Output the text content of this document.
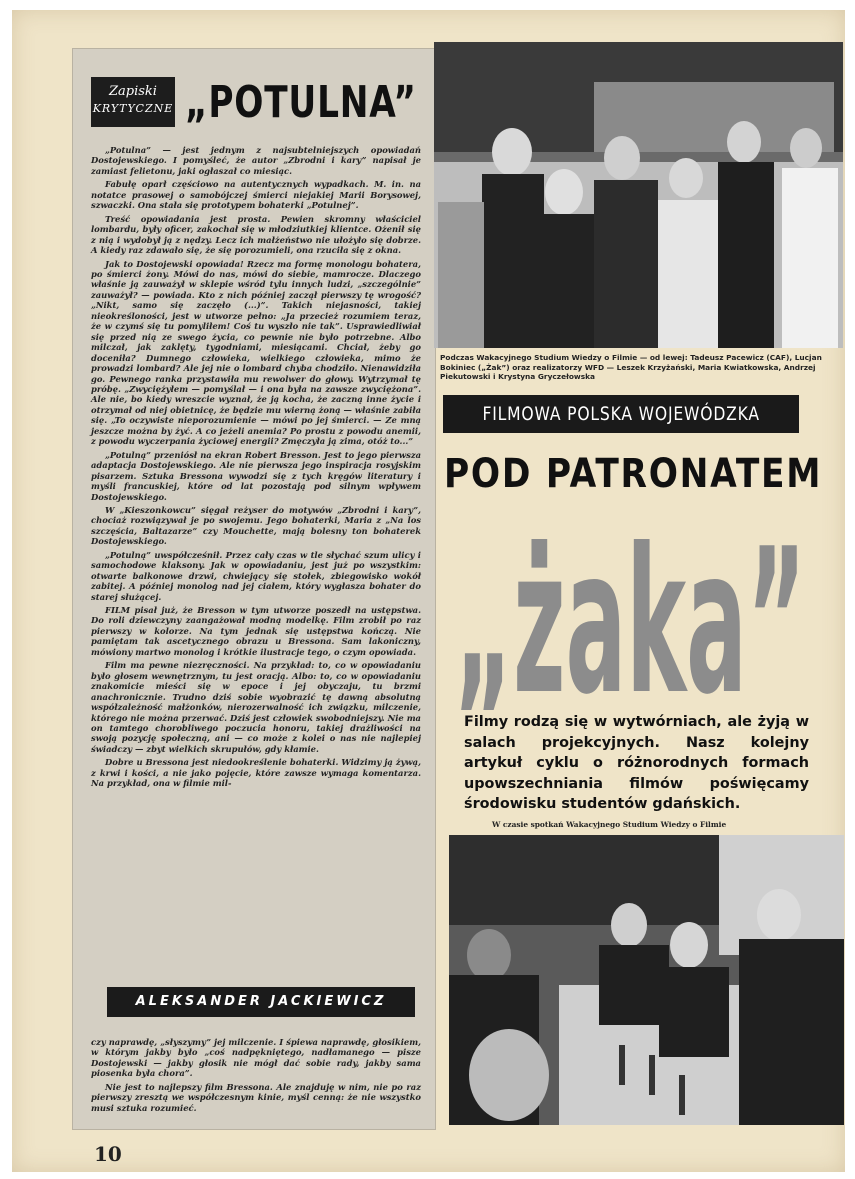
Zapiski
KRYTYCZNE „POTULNA”

„Potulna” — jest jednym z najsubtelniejszych opowiadań Dostojewskiego. I pomyśleć, że autor „Zbrodni i kary” napisał je zamiast felietonu, jaki ogłaszał co miesiąc.

Fabułę oparł częściowo na autentycznych wypadkach. M. in. na notatce prasowej o samobójczej śmierci niejakiej Marii Borysowej, szwaczki. Ona stała się prototypem bohaterki „Potulnej”.

Treść opowiadania jest prosta. Pewien skromny właściciel lombardu, były oficer, zakochał się w młodziutkiej klientce. Ożenił się z nią i wydobył ją z nędzy. Lecz ich małżeństwo nie ułożyło się dobrze. A kiedy raz zdawało się, że się porozumieli, ona rzuciła się z okna.

Jak to Dostojewski opowiada! Rzecz ma formę monologu bohatera, po śmierci żony. Mówi do nas, mówi do siebie, mamrocze. Dlaczego właśnie ją zauważył w sklepie wśród tylu innych ludzi, „szczególnie” zauważył? — powiada. Kto z nich później zaczął pierwszy tę wrogość? „Nikt, samo się zaczęło (...)”. Takich niejasności, takiej nieokreśloności, jest w utworze pełno: „Ja przecież rozumiem teraz, że w czymś się tu pomyliłem! Coś tu wyszło nie tak”. Usprawiedliwiał się przed nią ze swego życia, co pewnie nie było potrzebne. Albo milczał, jak zaklęty, tygodniami, miesiącami. Chciał, żeby go doceniła? Dumnego człowieka, wielkiego człowieka, mimo że prowadzi lombard? Ale jej nie o lombard chyba chodziło. Nienawidziła go. Pewnego ranka przystawiła mu rewolwer do głowy. Wytrzymał tę próbę. „Zwyciężyłem — pomyślał — i ona była na zawsze zwyciężona”. Ale nie, bo kiedy wreszcie wyznał, że ją kocha, że zaczną inne życie i otrzymał od niej obietnicę, że będzie mu wierną żoną — właśnie zabiła się. „To oczywiste nieporozumienie — mówi po jej śmierci. — Ze mną jeszcze można by żyć. A co jeżeli anemia? Po prostu z powodu anemii, z powodu wyczerpania życiowej energii? Zmęczyła ją zima, otóż to...”

„Potulną” przeniósł na ekran Robert Bresson. Jest to jego pierwsza adaptacja Dostojewskiego. Ale nie pierwsza jego inspiracja rosyjskim pisarzem. Sztuka Bressona wywodzi się z tych kręgów literatury i myśli francuskiej, które od lat pozostają pod silnym wpływem Dostojewskiego.

W „Kieszonkowcu” sięgał reżyser do motywów „Zbrodni i kary”, chociaż rozwiązywał je po swojemu. Jego bohaterki, Maria z „Na los szczęścia, Baltazarze” czy Mouchette, mają bolesny ton bohaterek Dostojewskiego.

„Potulną” uwspółcześnił. Przez cały czas w tle słychać szum ulicy i samochodowe klaksony. Jak w opowiadaniu, jest już po wszystkim: otwarte balkonowe drzwi, chwiejący się stołek, zbiegowisko wokół zabitej. A później monolog nad jej ciałem, który wygłasza bohater do starej służącej.

FILM pisał już, że Bresson w tym utworze poszedł na ustępstwa. Do roli dziewczyny zaangażował modną modelkę. Film zrobił po raz pierwszy w kolorze. Na tym jednak się ustępstwa kończą. Nie pamiętam tak ascetycznego obrazu u Bressona. Sam lakoniczny, mówiony martwo monolog i krótkie ilustracje tego, o czym opowiada.

Film ma pewne niezręczności. Na przykład: to, co w opowiadaniu było głosem wewnętrznym, tu jest oracją. Albo: to, co w opowiadaniu znakomicie mieści się w epoce i jej obyczaju, tu brzmi anachronicznie. Trudno dziś sobie wyobrazić tę dawną absolutną współzależność małżonków, nierozerwalność ich związku, milczenie, którego nie można przerwać. Dziś jest człowiek swobodniejszy. Nie ma on tamtego chorobliwego poczucia honoru, takiej drażliwości na swoją pozycję społeczną, ani — co może z kolei o nas nie najlepiej świadczy — zbyt wielkich skrupułów, gdy kłamie.

Dobre u Bressona jest niedookreślenie bohaterki. Widzimy ją żywą, z krwi i kości, a nie jako pojęcie, które zawsze wymaga komentarza. Na przykład, ona w filmie mil-

ALEKSANDER JACKIEWICZ

czy naprawdę, „słyszymy” jej milczenie. I śpiewa naprawdę, głosikiem, w którym jakby było „coś nadpękniętego, nadłamanego — pisze Dostojewski — jakby głosik nie mógł dać sobie rady, jakby sama piosenka była chora”.

Nie jest to najlepszy film Bressona. Ale znajduję w nim, nie po raz pierwszy zresztą we współczesnym kinie, myśl cenną: że nie wszystko musi sztuka rozumieć.

10
Podczas Wakacyjnego Studium Wiedzy o Filmie — od lewej: Tadeusz Pacewicz (CAF), Lucjan Bokiniec („Żak”) oraz realizatorzy WFD — Leszek Krzyżański, Maria Kwiatkowska, Andrzej Piekutowski i Krystyna Gryczełowska
FILMOWA POLSKA WOJEWÓDZKA
POD PATRONATEM
„żaka”
Filmy rodzą się w wytwórniach, ale żyją w salach projekcyjnych. Nasz kolejny artykuł cyklu o różnorodnych formach upowszechniania filmów poświęcamy środowisku studentów gdańskich.
W czasie spotkań Wakacyjnego Studium Wiedzy o Filmie
